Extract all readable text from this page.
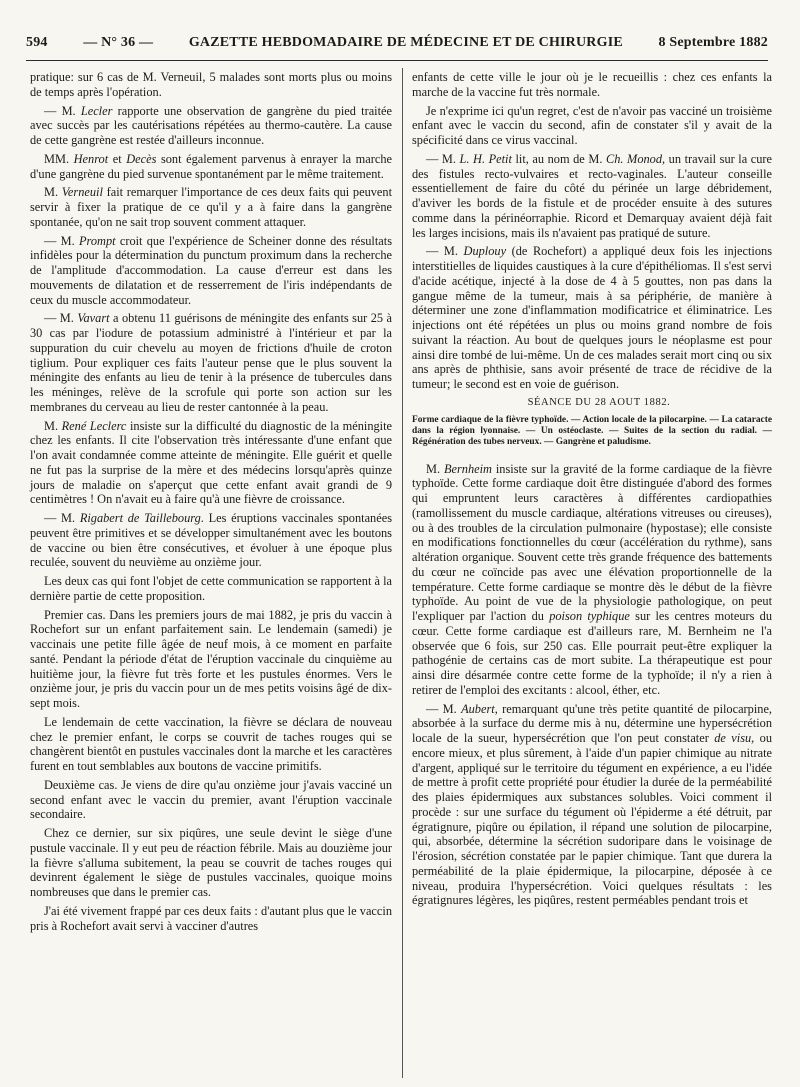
594	— N° 36 —	GAZETTE HEBDOMADAIRE DE MÉDECINE ET DE CHIRURGIE	8 Septembre 1882

pratique: sur 6 cas de M. Verneuil, 5 malades sont morts plus ou moins de temps après l'opération.

— M. Lecler rapporte une observation de gangrène du pied traitée avec succès par les cautérisations répétées au thermo-cautère. La cause de cette gangrène est restée d'ailleurs inconnue.

MM. Henrot et Decès sont également parvenus à enrayer la marche d'une gangrène du pied survenue spontanément par le même traitement.

M. Verneuil fait remarquer l'importance de ces deux faits qui peuvent servir à fixer la pratique de ce qu'il y a à faire dans la gangrène spontanée, qu'on ne sait trop souvent comment attaquer.

— M. Prompt croit que l'expérience de Scheiner donne des résultats infidèles pour la détermination du punctum proximum dans la recherche de l'amplitude d'accommodation. La cause d'erreur est dans les mouvements de dilatation et de resserrement de l'iris indépendants de ceux du muscle accommodateur.

— M. Vavart a obtenu 11 guérisons de méningite des enfants sur 25 à 30 cas par l'iodure de potassium administré à l'intérieur et par la suppuration du cuir chevelu au moyen de frictions d'huile de croton tiglium. Pour expliquer ces faits l'auteur pense que le plus souvent la méningite des enfants au lieu de tenir à la présence de tubercules dans les méninges, relève de la scrofule qui porte son action sur les membranes du cerveau au lieu de rester cantonnée à la peau.

M. René Leclerc insiste sur la difficulté du diagnostic de la méningite chez les enfants. Il cite l'observation très intéressante d'une enfant que l'on avait condamnée comme atteinte de méningite. Elle guérit et quelle ne fut pas la surprise de la mère et des médecins lorsqu'après quinze jours de maladie on s'aperçut que cette enfant avait grandi de 9 centimètres ! On n'avait eu à faire qu'à une fièvre de croissance.

— M. Rigabert de Taillebourg. Les éruptions vaccinales spontanées peuvent être primitives et se développer simultanément avec les boutons de vaccine ou bien être consécutives, et évoluer à une époque plus reculée, souvent du neuvième au onzième jour.

Les deux cas qui font l'objet de cette communication se rapportent à la dernière partie de cette proposition.

Premier cas. Dans les premiers jours de mai 1882, je pris du vaccin à Rochefort sur un enfant parfaitement sain. Le lendemain (samedi) je vaccinais une petite fille âgée de neuf mois, à ce moment en parfaite santé. Pendant la période d'état de l'éruption vaccinale du cinquième au huitième jour, la fièvre fut très forte et les pustules énormes. Vers le onzième jour, je pris du vaccin pour un de mes petits voisins âgé de dix-sept mois.

Le lendemain de cette vaccination, la fièvre se déclara de nouveau chez le premier enfant, le corps se couvrit de taches rouges qui se changèrent bientôt en pustules vaccinales dont la marche et les caractères furent en tout semblables aux boutons de vaccine primitifs.

Deuxième cas. Je viens de dire qu'au onzième jour j'avais vacciné un second enfant avec le vaccin du premier, avant l'éruption vaccinale secondaire.

Chez ce dernier, sur six piqûres, une seule devint le siège d'une pustule vaccinale. Il y eut peu de réaction fébrile. Mais au douzième jour la fièvre s'alluma subitement, la peau se couvrit de taches rouges qui devinrent également le siège de pustules vaccinales, quoique moins nombreuses que dans le premier cas.

J'ai été vivement frappé par ces deux faits : d'autant plus que le vaccin pris à Rochefort avait servi à vacciner d'autres

enfants de cette ville le jour où je le recueillis : chez ces enfants la marche de la vaccine fut très normale.

Je n'exprime ici qu'un regret, c'est de n'avoir pas vacciné un troisième enfant avec le vaccin du second, afin de constater s'il y avait de la spécificité dans ce virus vaccinal.

— M. L. H. Petit lit, au nom de M. Ch. Monod, un travail sur la cure des fistules recto-vulvaires et recto-vaginales. L'auteur conseille essentiellement de faire du côté du périnée un large débridement, d'aviver les bords de la fistule et de procéder ensuite à des sutures comme dans la périnéorraphie. Ricord et Demarquay avaient déjà fait les larges incisions, mais ils n'avaient pas pratiqué de suture.

— M. Duplouy (de Rochefort) a appliqué deux fois les injections interstitielles de liquides caustiques à la cure d'épithéliomas. Il s'est servi d'acide acétique, injecté à la dose de 4 à 5 gouttes, non pas dans la gangue même de la tumeur, mais à sa périphérie, de manière à déterminer une zone d'inflammation modificatrice et éliminatrice. Les injections ont été répétées un plus ou moins grand nombre de fois suivant la réaction. Au bout de quelques jours le néoplasme est pour ainsi dire tombé de lui-même. Un de ces malades serait mort cinq ou six ans après de phthisie, sans avoir présenté de trace de récidive de la tumeur; le second est en voie de guérison.

SÉANCE DU 28 AOUT 1882.

Forme cardiaque de la fièvre typhoïde. — Action locale de la pilocarpine. — La cataracte dans la région lyonnaise. — Un ostéoclaste. — Suites de la section du radial. — Régénération des tubes nerveux. — Gangrène et paludisme.

M. Bernheim insiste sur la gravité de la forme cardiaque de la fièvre typhoïde. Cette forme cardiaque doit être distinguée d'abord des formes qui empruntent leurs caractères à différentes cardiopathies (ramollissement du muscle cardiaque, altérations vitreuses ou cireuses), ou à des troubles de la circulation pulmonaire (hypostase); elle consiste en modifications fonctionnelles du cœur (accélération du rythme), sans altération organique. Souvent cette très grande fréquence des battements du cœur ne coïncide pas avec une élévation proportionnelle de la température. Cette forme cardiaque se montre dès le début de la fièvre typhoïde. Au point de vue de la physiologie pathologique, on peut l'expliquer par l'action du poison typhique sur les centres moteurs du cœur. Cette forme cardiaque est d'ailleurs rare, M. Bernheim ne l'a observée que 6 fois, sur 250 cas. Elle pourrait peut-être expliquer la pathogénie de certains cas de mort subite. La thérapeutique est pour ainsi dire désarmée contre cette forme de la typhoïde; il n'y a rien à retirer de l'emploi des excitants : alcool, éther, etc.

— M. Aubert, remarquant qu'une très petite quantité de pilocarpine, absorbée à la surface du derme mis à nu, détermine une hypersécrétion locale de la sueur, hypersécrétion que l'on peut constater de visu, ou encore mieux, et plus sûrement, à l'aide d'un papier chimique au nitrate d'argent, appliqué sur le territoire du tégument en expérience, a eu l'idée de mettre à profit cette propriété pour étudier la durée de la perméabilité des plaies épidermiques aux substances solubles. Voici comment il procède : sur une surface du tégument où l'épiderme a été détruit, par égratignure, piqûre ou épilation, il répand une solution de pilocarpine, qui, absorbée, détermine la sécrétion sudoripare dans le voisinage de l'érosion, sécrétion constatée par le papier chimique. Tant que durera la perméabilité de la plaie épidermique, la pilocarpine, déposée à ce niveau, produira l'hypersécrétion. Voici quelques résultats : les égratignures légères, les piqûres, restent perméables pendant trois et
